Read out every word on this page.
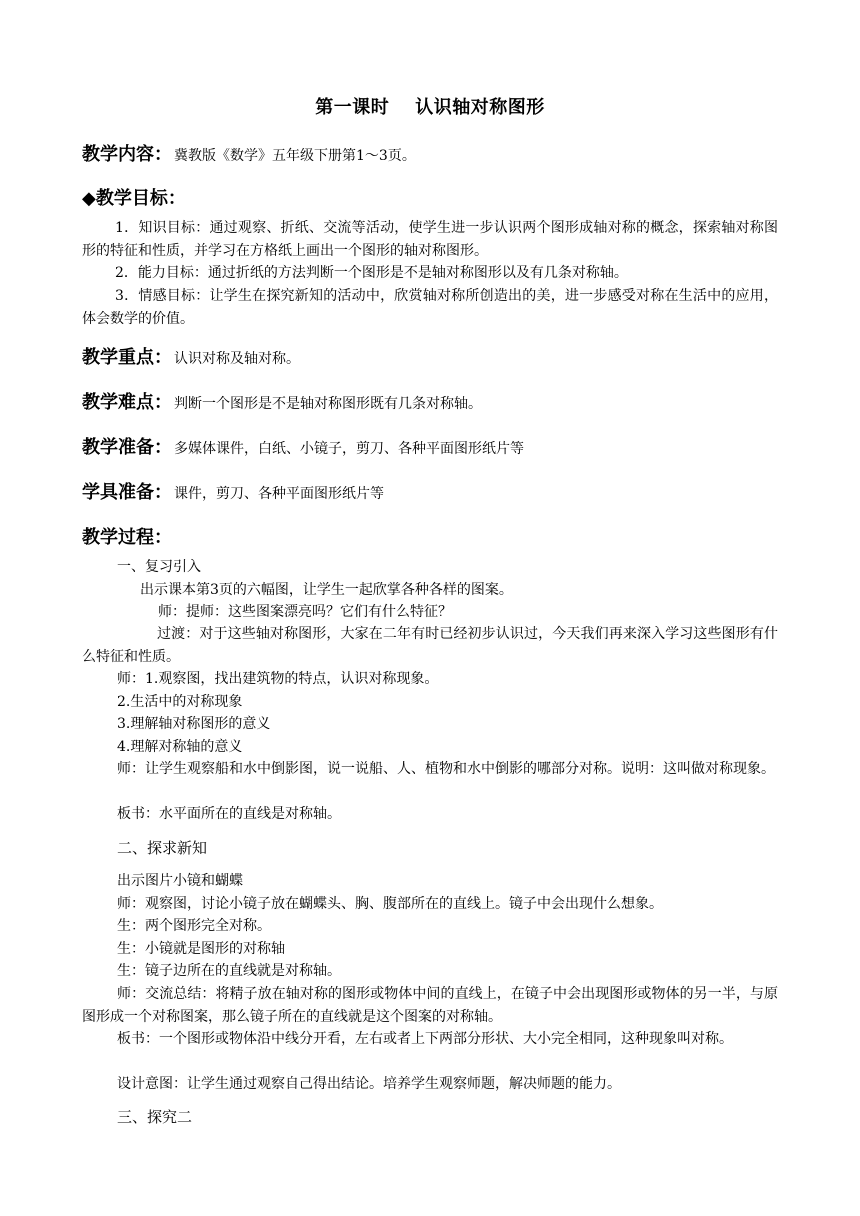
第一课时 认识轴对称图形
教学内容： 冀教版《数学》五年级下册第1～3页。
◆教学目标：

1．知识目标：通过观察、折纸、交流等活动，使学生进一步认识两个图形成轴对称的概念，探索轴对称图形的特征和性质，并学习在方格纸上画出一个图形的轴对称图形。

2．能力目标：通过折纸的方法判断一个图形是不是轴对称图形以及有几条对称轴。

3．情感目标：让学生在探究新知的活动中，欣赏轴对称所创造出的美，进一步感受对称在生活中的应用，体会数学的价值。

教学重点： 认识对称及轴对称。
教学难点： 判断一个图形是不是轴对称图形既有几条对称轴。
教学准备： 多媒体课件，白纸、小镜子，剪刀、各种平面图形纸片等
学具准备： 课件，剪刀、各种平面图形纸片等
教学过程：

一、复习引入

出示课本第3页的六幅图，让学生一起欣掌各种各样的图案。

师：提师：这些图案漂亮吗？它们有什么特征？

过渡：对于这些轴对称图形，大家在二年有时已经初步认识过，今天我们再来深入学习这些图形有什么特征和性质。

师：1.观察图，找出建筑物的特点，认识对称现象。

2.生活中的对称现象

3.理解轴对称图形的意义

4.理解对称轴的意义

师：让学生观察船和水中倒影图，说一说船、人、植物和水中倒影的哪部分对称。说明：这叫做对称现象。

板书：水平面所在的直线是对称轴。

二、探求新知

出示图片小镜和蝴蝶

师：观察图，讨论小镜子放在蝴蝶头、胸、腹部所在的直线上。镜子中会出现什么想象。

生：两个图形完全对称。

生：小镜就是图形的对称轴

生：镜子边所在的直线就是对称轴。

师：交流总结：将精子放在轴对称的图形或物体中间的直线上，在镜子中会出现图形或物体的另一半，与原图形成一个对称图案，那么镜子所在的直线就是这个图案的对称轴。

板书：一个图形或物体沿中线分开看，左右或者上下两部分形状、大小完全相同，这种现象叫对称。

设计意图：让学生通过观察自己得出结论。培养学生观察师题，解决师题的能力。

三、探究二
